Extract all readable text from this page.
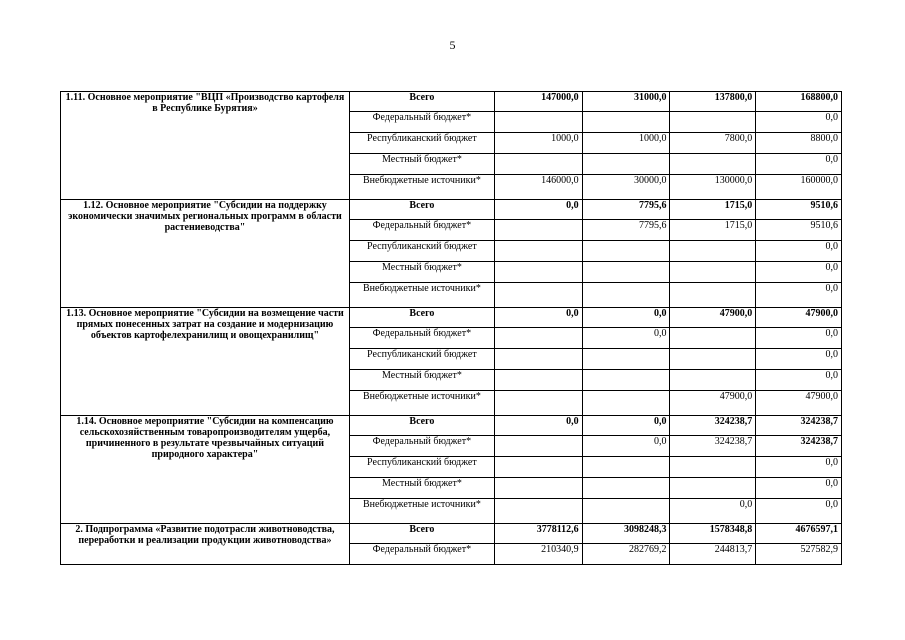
5
1.11. Основное мероприятие "ВЦП «Производство картофеля в Республике Бурятия»	Всего	147000,0	31000,0	137800,0	168800,0
	Федеральный бюджет*				0,0
	Республиканский бюджет	1000,0	1000,0	7800,0	8800,0
	Местный бюджет*				0,0
	Внебюджетные источники*	146000,0	30000,0	130000,0	160000,0
1.12. Основное мероприятие "Субсидии на поддержку экономически значимых региональных программ в области растениеводства"	Всего	0,0	7795,6	1715,0	9510,6
	Федеральный бюджет*		7795,6	1715,0	9510,6
	Республиканский бюджет				0,0
	Местный бюджет*				0,0
	Внебюджетные источники*				0,0
1.13. Основное мероприятие "Субсидии на возмещение части прямых понесенных затрат на создание и модернизацию объектов картофелехранилищ и овощехранилищ"	Всего	0,0	0,0	47900,0	47900,0
	Федеральный бюджет*		0,0		0,0
	Республиканский бюджет				0,0
	Местный бюджет*				0,0
	Внебюджетные источники*			47900,0	47900,0
1.14. Основное мероприятие "Субсидии на компенсацию сельскохозяйственным товаропроизводителям ущерба, причиненного в результате чрезвычайных ситуаций природного характера"	Всего	0,0	0,0	324238,7	324238,7
	Федеральный бюджет*		0,0	324238,7	324238,7
	Республиканский бюджет				0,0
	Местный бюджет*				0,0
	Внебюджетные источники*			0,0	0,0
2. Подпрограмма «Развитие подотрасли животноводства, переработки и реализации продукции животноводства»	Всего	3778112,6	3098248,3	1578348,8	4676597,1
	Федеральный бюджет*	210340,9	282769,2	244813,7	527582,9
